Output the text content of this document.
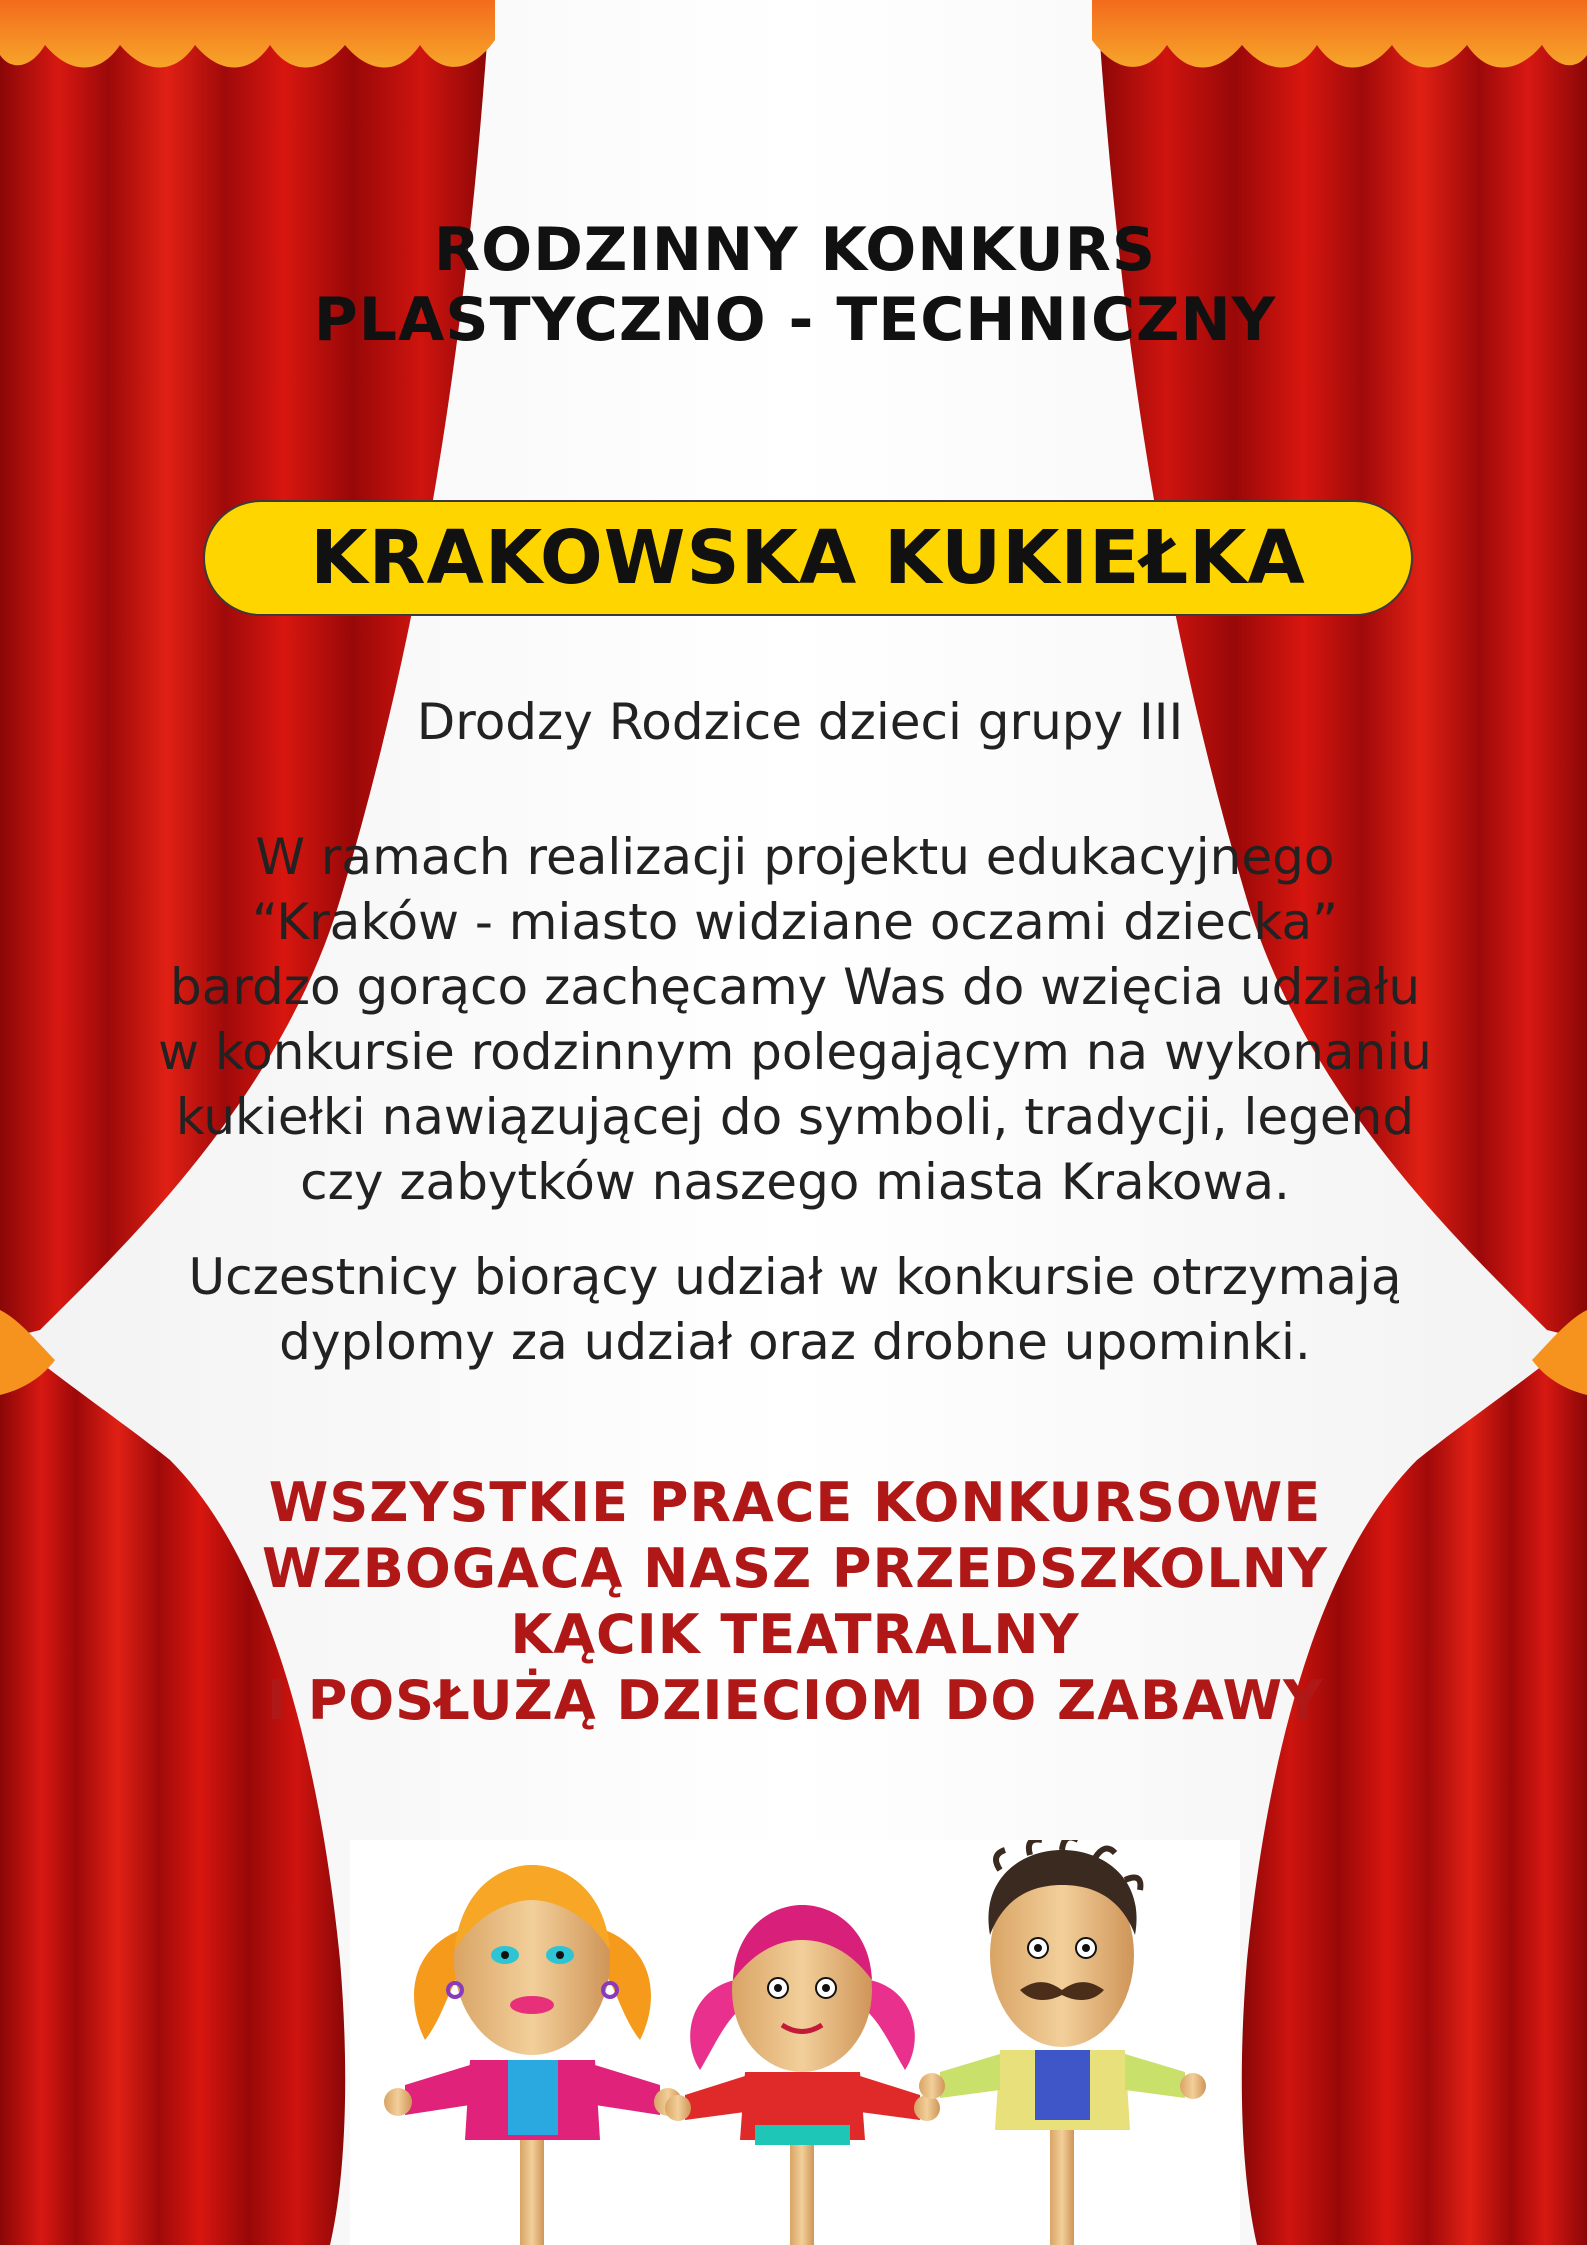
RODZINNY KONKURS
PLASTYCZNO - TECHNICZNY
KRAKOWSKA KUKIEŁKA
Drodzy Rodzice dzieci grupy III
W ramach realizacji projektu edukacyjnego
“Kraków - miasto widziane oczami dziecka”
bardzo gorąco zachęcamy Was do wzięcia udziału
w konkursie rodzinnym polegającym na wykonaniu
kukiełki nawiązującej do symboli, tradycji, legend
czy zabytków naszego miasta Krakowa.
Uczestnicy biorący udział w konkursie otrzymają
dyplomy za udział oraz drobne upominki.
WSZYSTKIE PRACE KONKURSOWE
WZBOGACĄ NASZ PRZEDSZKOLNY
KĄCIK TEATRALNY
I POSŁUŻĄ DZIECIOM DO ZABAWY
